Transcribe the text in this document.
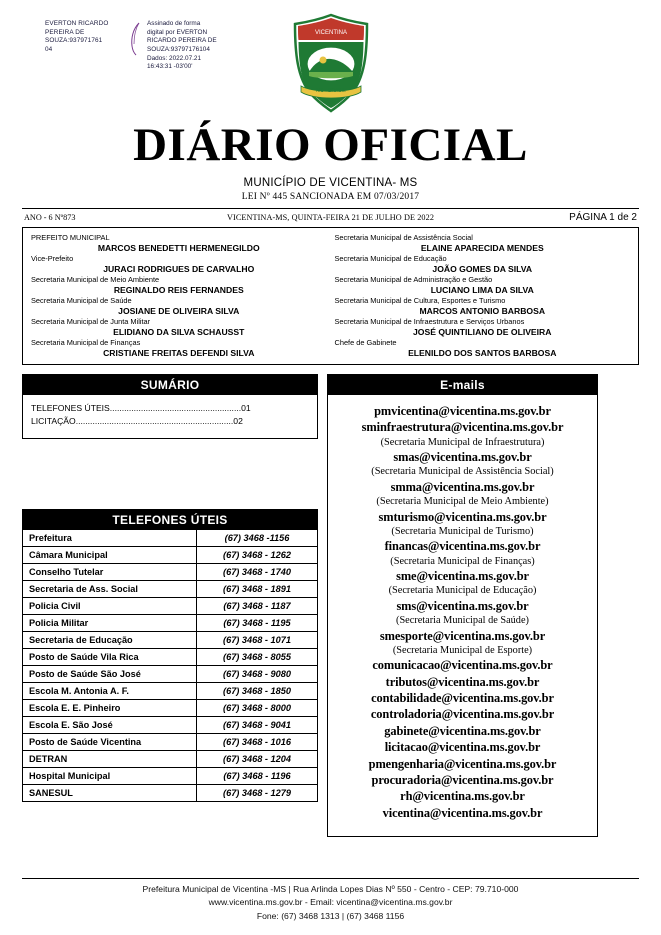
EVERTON RICARDO
PEREIRA DE
SOUZA:937971761
04
Assinado de forma
digital por EVERTON
RICARDO PEREIRA DE
SOUZA:93797176104
Dados: 2022.07.21
16:43:31 -03'00'
VICENTINA
MS - BRASIL
DIÁRIO OFICIAL
MUNICÍPIO DE VICENTINA- MS
LEI Nº 445 SANCIONADA EM 07/03/2017
ANO - 6 Nº873	VICENTINA-MS, QUINTA-FEIRA 21 DE JULHO DE 2022	PÁGINA 1 de 2
PREFEITO MUNICIPAL
MARCOS BENEDETTI HERMENEGILDO
Vice-Prefeito
JURACI RODRIGUES DE CARVALHO
Secretaria Municipal de Meio Ambiente
REGINALDO REIS FERNANDES
Secretaria Municipal de Saúde
JOSIANE DE OLIVEIRA SILVA
Secretaria Municipal de Junta Militar
ELIDIANO DA SILVA SCHAUSST
Secretaria Municipal de Finanças
CRISTIANE FREITAS DEFENDI SILVA
Secretaria Municipal de Assistência Social
ELAINE APARECIDA MENDES
Secretaria Municipal de Educação
JOÃO GOMES DA SILVA
Secretaria Municipal de Administração e Gestão
LUCIANO LIMA DA SILVA
Secretaria Municipal de Cultura, Esportes e Turismo
MARCOS ANTONIO BARBOSA
Secretaria Municipal de Infraestrutura e Serviços Urbanos
JOSÉ QUINTILIANO DE OLIVEIRA
Chefe de Gabinete
ELENILDO DOS SANTOS BARBOSA
SUMÁRIO
TELEFONES ÚTEIS.......................................................01
LICITAÇÃO..................................................................02
TELEFONES ÚTEIS
Prefeitura	(67) 3468 -1156
Câmara Municipal	(67) 3468 - 1262
Conselho Tutelar	(67) 3468 - 1740
Secretaria de Ass. Social	(67) 3468 - 1891
Policia Civil	(67) 3468 - 1187
Policia Militar	(67) 3468 - 1195
Secretaria de Educação	(67) 3468 - 1071
Posto de Saúde Vila Rica	(67) 3468 - 8055
Posto de Saúde São José	(67) 3468 - 9080
Escola M. Antonia A. F.	(67) 3468 - 1850
Escola E. E. Pinheiro	(67) 3468 - 8000
Escola E. São José	(67) 3468 - 9041
Posto de Saúde Vicentina	(67) 3468 - 1016
DETRAN	(67) 3468 - 1204
Hospital Municipal	(67) 3468 - 1196
SANESUL	(67) 3468 - 1279
E-mails
pmvicentina@vicentina.ms.gov.br
sminfraestrutura@vicentina.ms.gov.br
(Secretaria Municipal de Infraestrutura)
smas@vicentina.ms.gov.br
(Secretaria Municipal de Assistência Social)
smma@vicentina.ms.gov.br
(Secretaria Municipal de Meio Ambiente)
smturismo@vicentina.ms.gov.br
(Secretaria Municipal de Turismo)
financas@vicentina.ms.gov.br
(Secretaria Municipal de Finanças)
sme@vicentina.ms.gov.br
(Secretaria Municipal de Educação)
sms@vicentina.ms.gov.br
(Secretaria Municipal de Saúde)
smesporte@vicentina.ms.gov.br
(Secretaria Municipal de Esporte)
comunicacao@vicentina.ms.gov.br
tributos@vicentina.ms.gov.br
contabilidade@vicentina.ms.gov.br
controladoria@vicentina.ms.gov.br
gabinete@vicentina.ms.gov.br
licitacao@vicentina.ms.gov.br
pmengenharia@vicentina.ms.gov.br
procuradoria@vicentina.ms.gov.br
rh@vicentina.ms.gov.br
vicentina@vicentina.ms.gov.br
Prefeitura Municipal de Vicentina -MS | Rua Arlinda Lopes Dias Nº 550 - Centro - CEP: 79.710-000
www.vicentina.ms.gov.br - Email: vicentina@vicentina.ms.gov.br
Fone: (67) 3468 1313 | (67) 3468 1156
